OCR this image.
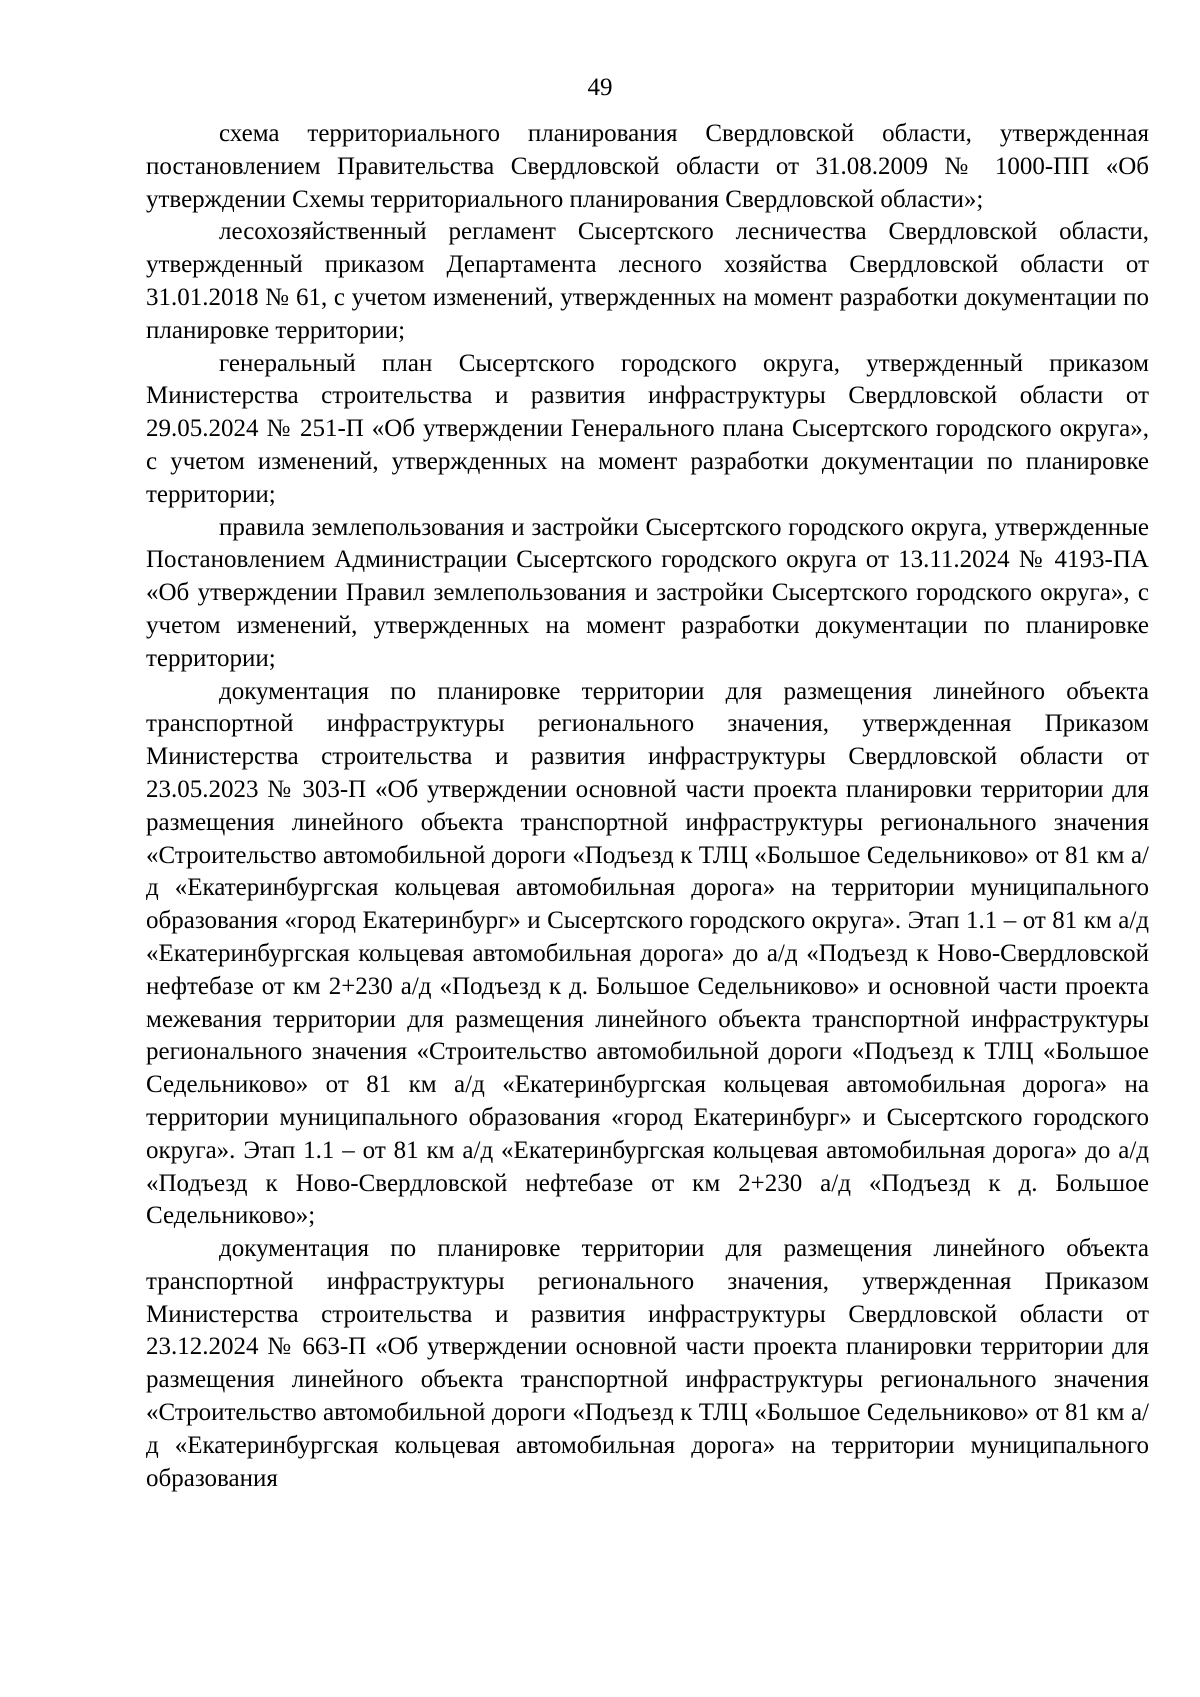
49

схема территориального планирования Свердловской области, утвержденная постановлением Правительства Свердловской области от 31.08.2009 № 1000-ПП «Об утверждении Схемы территориального планирования Свердловской области»;

лесохозяйственный регламент Сысертского лесничества Свердловской области, утвержденный приказом Департамента лесного хозяйства Свердловской области от 31.01.2018 № 61, с учетом изменений, утвержденных на момент разработки документации по планировке территории;

генеральный план Сысертского городского округа, утвержденный приказом Министерства строительства и развития инфраструктуры Свердловской области от 29.05.2024 № 251-П «Об утверждении Генерального плана Сысертского городского округа», с учетом изменений, утвержденных на момент разработки документации по планировке территории;

правила землепользования и застройки Сысертского городского округа, утвержденные Постановлением Администрации Сысертского городского округа от 13.11.2024 № 4193-ПА «Об утверждении Правил землепользования и застройки Сысертского городского округа», с учетом изменений, утвержденных на момент разработки документации по планировке территории;

документация по планировке территории для размещения линейного объекта транспортной инфраструктуры регионального значения, утвержденная Приказом Министерства строительства и развития инфраструктуры Свердловской области от 23.05.2023 № 303-П «Об утверждении основной части проекта планировки территории для размещения линейного объекта транспортной инфраструктуры регионального значения «Строительство автомобильной дороги «Подъезд к ТЛЦ «Большое Седельниково» от 81 км а/д «Екатеринбургская кольцевая автомобильная дорога» на территории муниципального образования «город Екатеринбург» и Сысертского городского округа». Этап 1.1 – от 81 км а/д «Екатеринбургская кольцевая автомобильная дорога» до а/д «Подъезд к Ново-Свердловской нефтебазе от км 2+230 а/д «Подъезд к д. Большое Седельниково» и основной части проекта межевания территории для размещения линейного объекта транспортной инфраструктуры регионального значения «Строительство автомобильной дороги «Подъезд к ТЛЦ «Большое Седельниково» от 81 км а/д «Екатеринбургская кольцевая автомобильная дорога» на территории муниципального образования «город Екатеринбург» и Сысертского городского округа». Этап 1.1 – от 81 км а/д «Екатеринбургская кольцевая автомобильная дорога» до а/д «Подъезд к Ново-Свердловской нефтебазе от км 2+230 а/д «Подъезд к д. Большое Седельниково»;

документация по планировке территории для размещения линейного объекта транспортной инфраструктуры регионального значения, утвержденная Приказом Министерства строительства и развития инфраструктуры Свердловской области от 23.12.2024 № 663-П «Об утверждении основной части проекта планировки территории для размещения линейного объекта транспортной инфраструктуры регионального значения «Строительство автомобильной дороги «Подъезд к ТЛЦ «Большое Седельниково» от 81 км а/д «Екатеринбургская кольцевая автомобильная дорога» на территории муниципального образования
